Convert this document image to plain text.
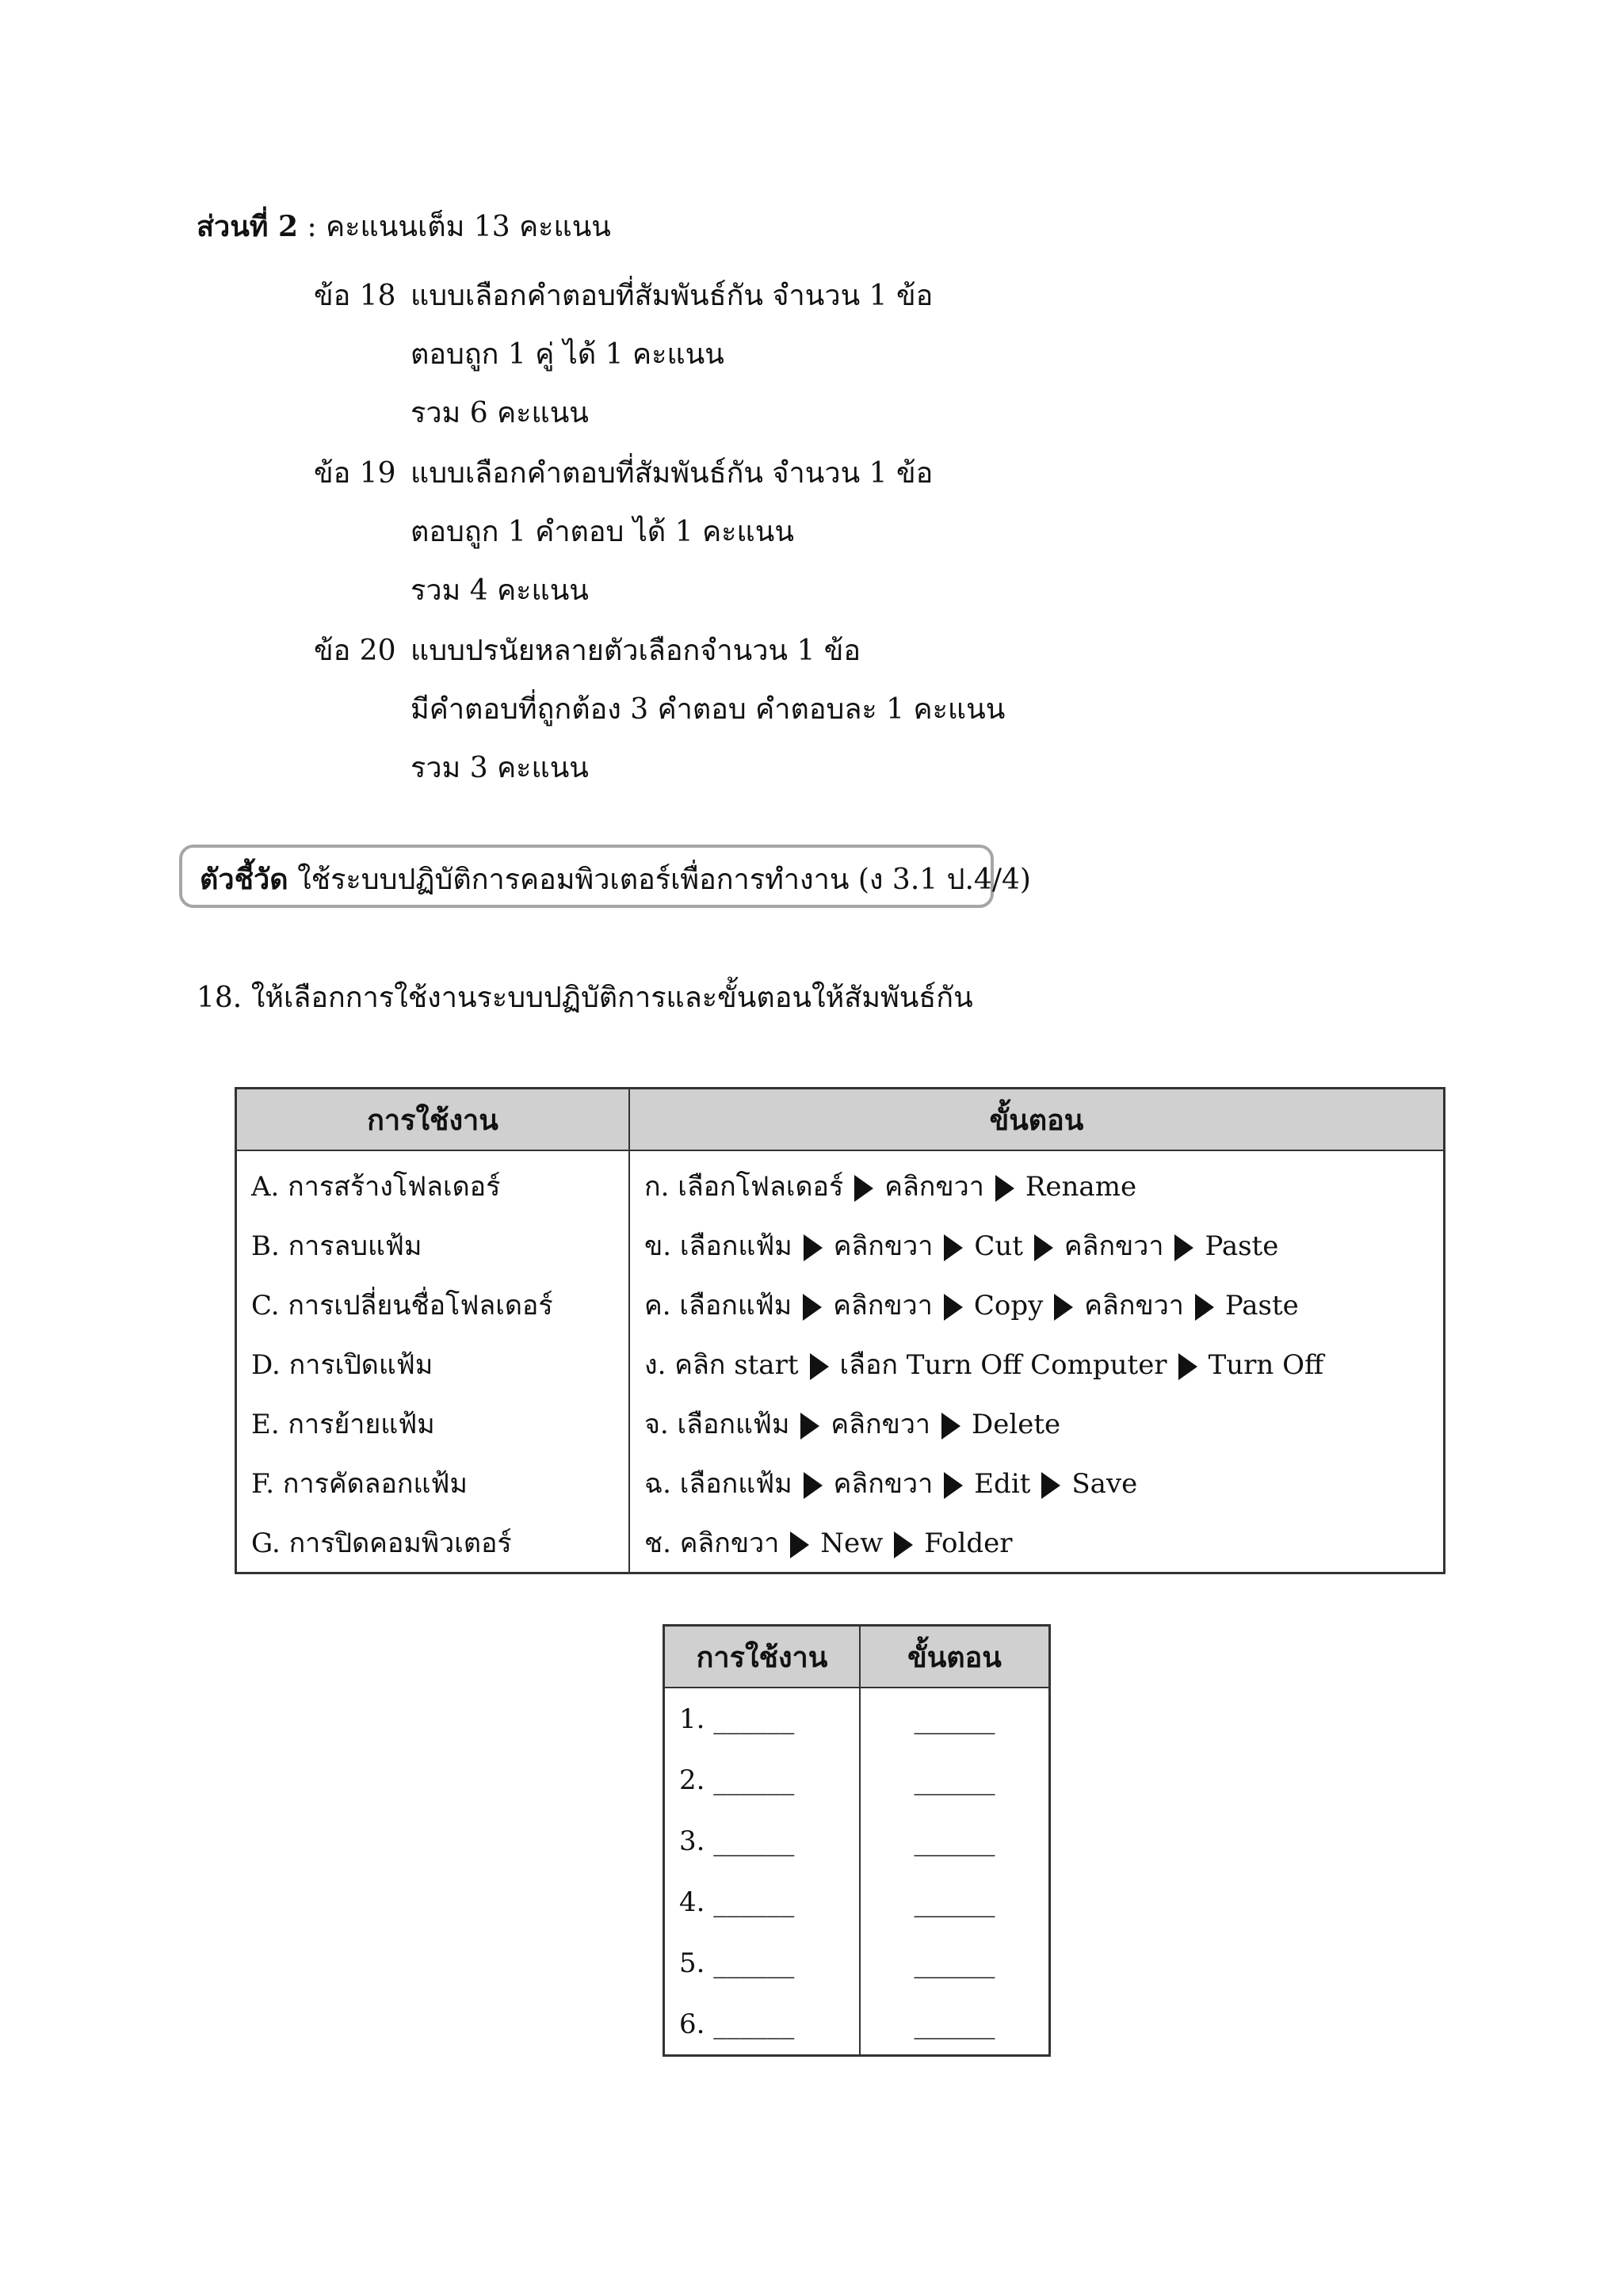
ส่วนที่ 2 : คะแนนเต็ม 13 คะแนน
ข้อ 18 แบบเลือกคำตอบที่สัมพันธ์กัน จำนวน 1 ข้อ
ตอบถูก 1 คู่ ได้ 1 คะแนน
รวม 6 คะแนน
ข้อ 19 แบบเลือกคำตอบที่สัมพันธ์กัน จำนวน 1 ข้อ
ตอบถูก 1 คำตอบ ได้ 1 คะแนน
รวม 4 คะแนน
ข้อ 20 แบบปรนัยหลายตัวเลือกจำนวน 1 ข้อ
มีคำตอบที่ถูกต้อง 3 คำตอบ คำตอบละ 1 คะแนน
รวม 3 คะแนน
ตัวชี้วัด ใช้ระบบปฏิบัติการคอมพิวเตอร์เพื่อการทำงาน (ง 3.1 ป.4/4)
18. ให้เลือกการใช้งานระบบปฏิบัติการและขั้นตอนให้สัมพันธ์กัน
การใช้งาน	ขั้นตอน
A. การสร้างโฟลเดอร์	ก. เลือกโฟลเดอร์ คลิกขวา Rename
B. การลบแฟ้ม	ข. เลือกแฟ้ม คลิกขวา Cut คลิกขวา Paste
C. การเปลี่ยนชื่อโฟลเดอร์	ค. เลือกแฟ้ม คลิกขวา Copy คลิกขวา Paste
D. การเปิดแฟ้ม	ง. คลิก start เลือก Turn Off Computer Turn Off
E. การย้ายแฟ้ม	จ. เลือกแฟ้ม คลิกขวา Delete
F. การคัดลอกแฟ้ม	ฉ. เลือกแฟ้ม คลิกขวา Edit Save
G. การปิดคอมพิวเตอร์	ช. คลิกขวา New Folder
การใช้งาน	ขั้นตอน
1. ______	______
2. ______	______
3. ______	______
4. ______	______
5. ______	______
6. ______	______
